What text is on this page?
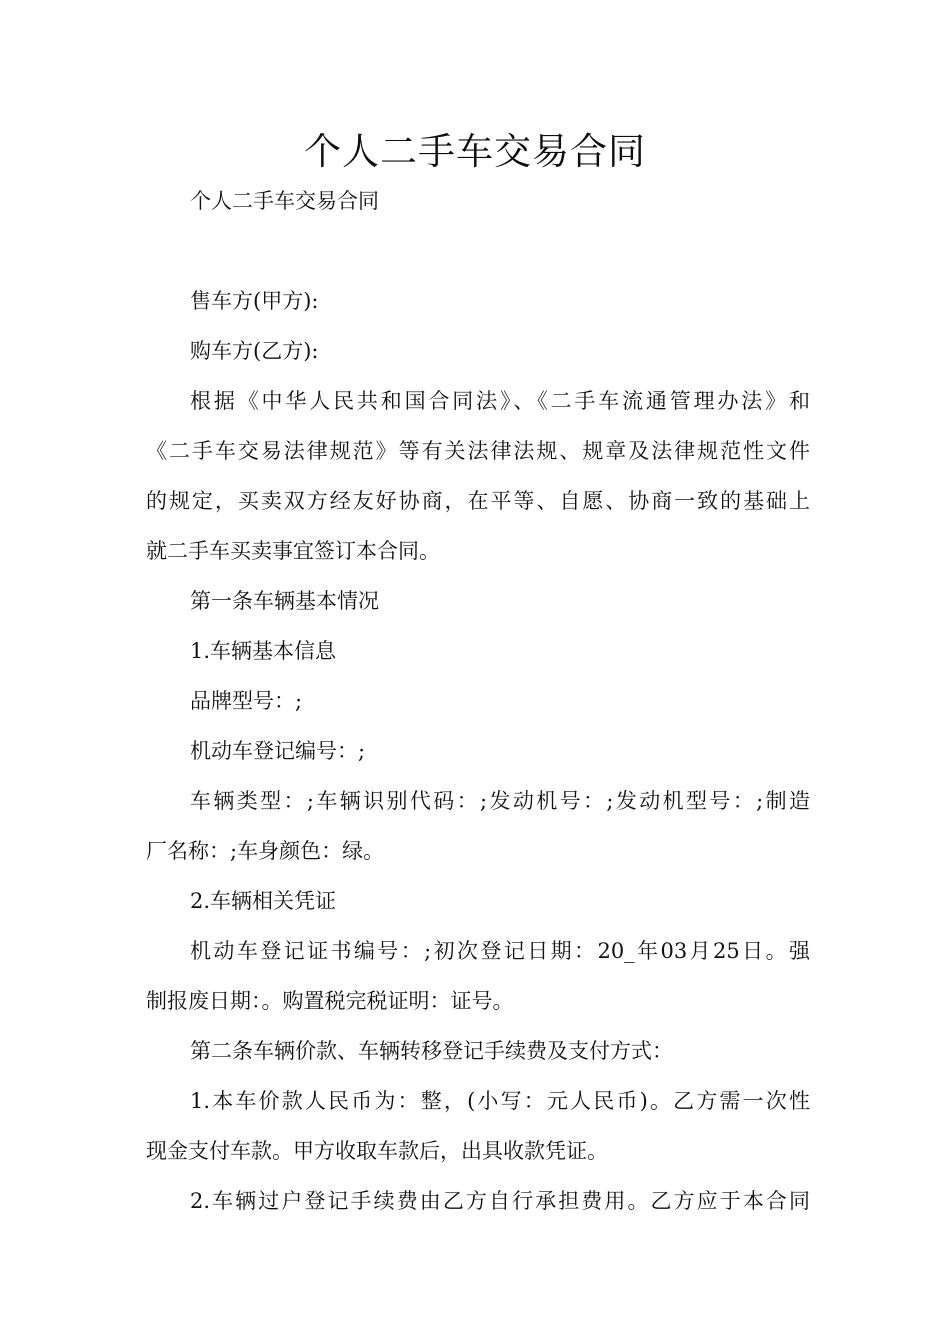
个人二手车交易合同
个人二手车交易合同
售车方(甲方):
购车方(乙方):
根据《中华人民共和国合同法》、《二手车流通管理办法》和
《二手车交易法律规范》等有关法律法规、规章及法律规范性文件
的规定，买卖双方经友好协商，在平等、自愿、协商一致的基础上
就二手车买卖事宜签订本合同。
第一条车辆基本情况
1.车辆基本信息
品牌型号：;
机动车登记编号：;
车辆类型：;车辆识别代码：;发动机号：;发动机型号：;制造
厂名称：;车身颜色：绿。
2.车辆相关凭证
机动车登记证书编号：;初次登记日期：20_年03月25日。强
制报废日期：。购置税完税证明：证号。
第二条车辆价款、车辆转移登记手续费及支付方式：
1.本车价款人民币为：整，(小写：元人民币)。乙方需一次性
现金支付车款。甲方收取车款后，出具收款凭证。
2.车辆过户登记手续费由乙方自行承担费用。乙方应于本合同
